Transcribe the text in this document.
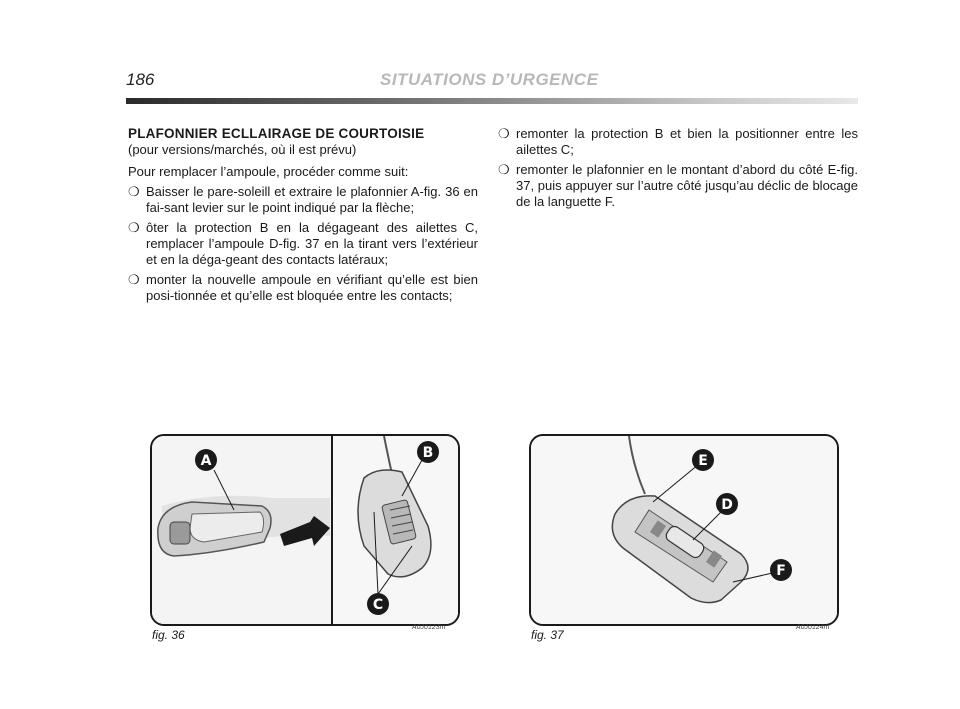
186	SITUATIONS D’URGENCE

PLAFONNIER ECLLAIRAGE DE COURTOISIE

(pour versions/marchés, où il est prévu)

Pour remplacer l’ampoule, procéder comme suit:

❍ Baisser le pare-soleill et extraire le plafonnier A-fig. 36 en fai-sant levier sur le point indiqué par la flèche;
❍ ôter la protection B en la dégageant des ailettes C, remplacer l’ampoule D-fig. 37 en la tirant vers l’extérieur et en la déga-geant des contacts latéraux;
❍ monter la nouvelle ampoule en vérifiant qu’elle est bien posi-tionnée et qu’elle est bloquée entre les contacts;
❍ remonter la protection B et bien la positionner entre les ailettes C;
❍ remonter le plafonnier en le montant d’abord du côté E-fig. 37, puis appuyer sur l’autre côté jusqu’au déclic de blocage de la languette F.
A	B
C
fig. 36
A0J0123m
E
D
F
fig. 37
A0J0124m
